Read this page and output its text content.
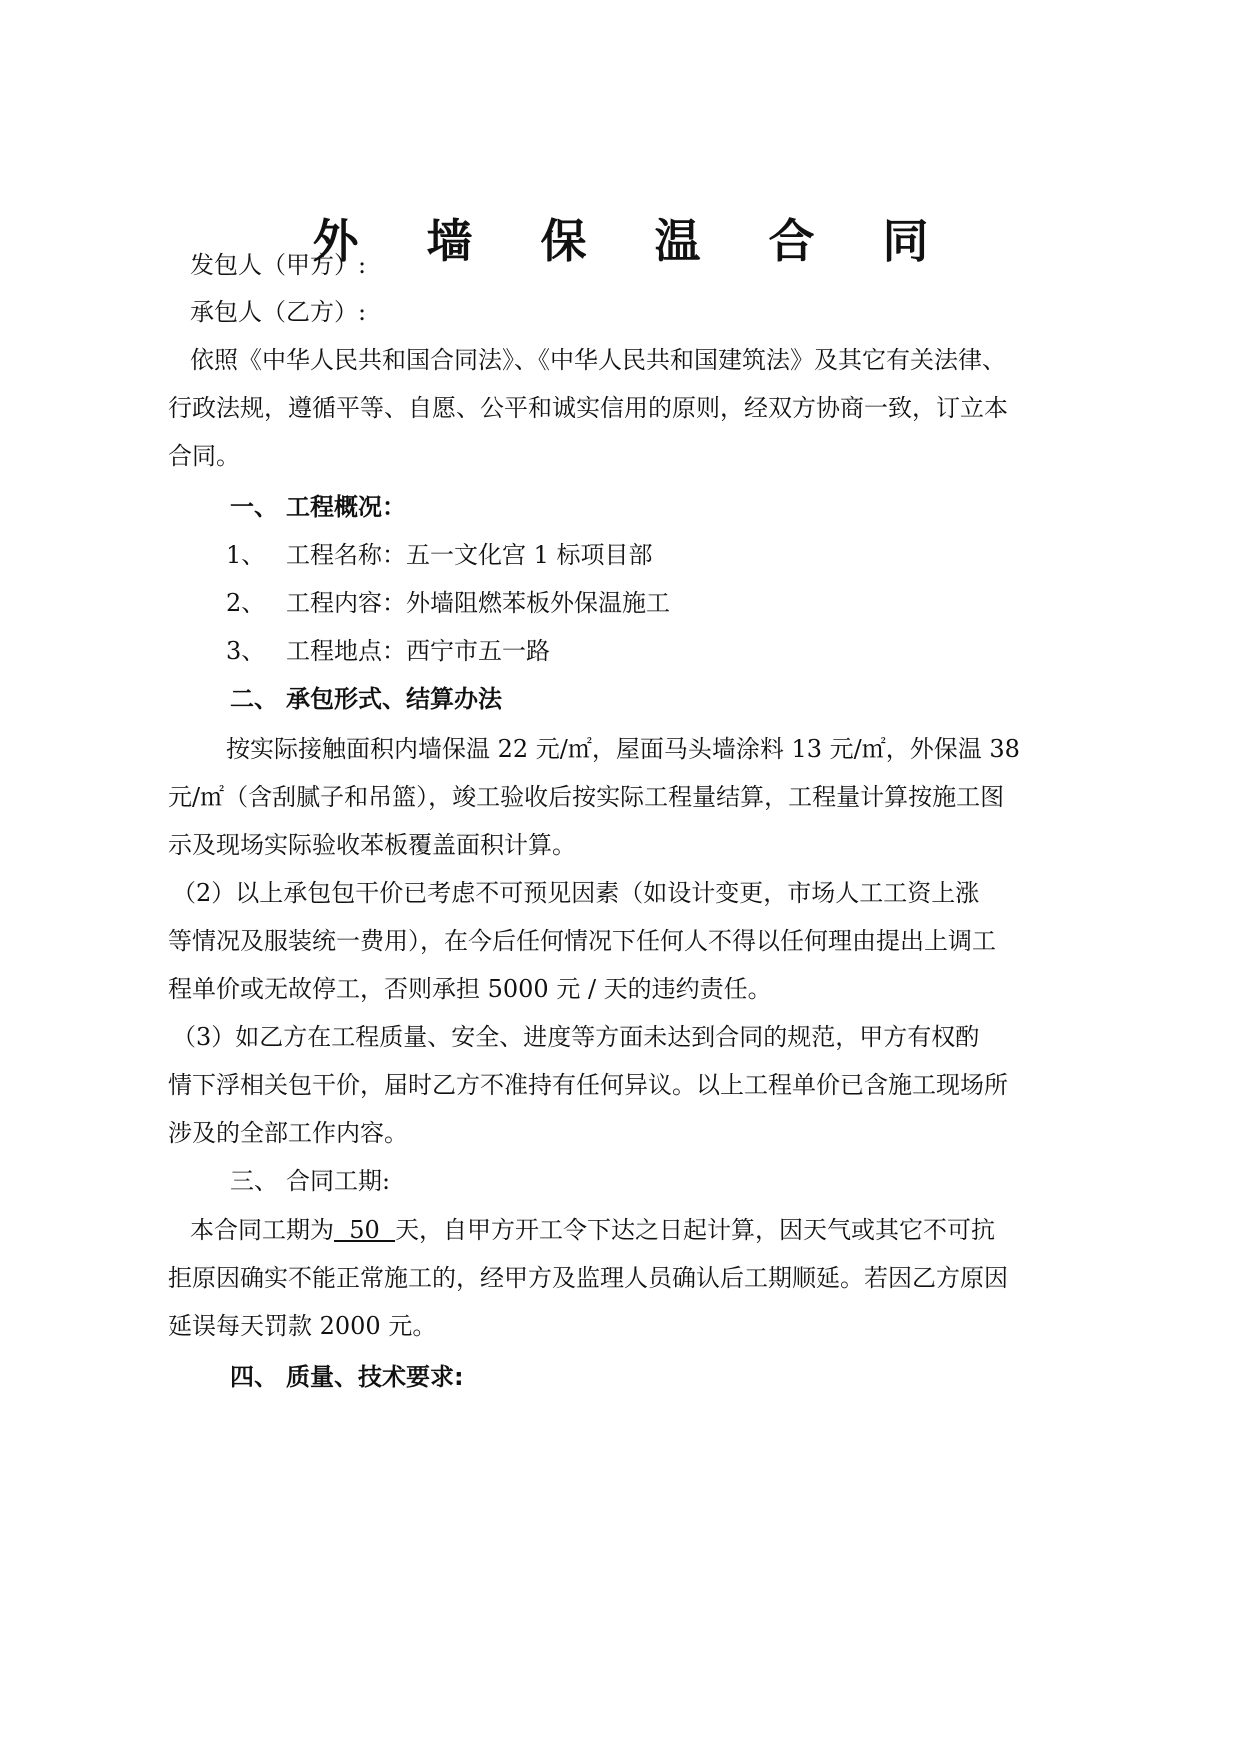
外 墙 保 温 合 同
发包人（甲方）:
承包人（乙方）:
依照《中华人民共和国合同法》、《中华人民共和国建筑法》及其它有关法律、
行政法规，遵循平等、自愿、公平和诚实信用的原则，经双方协商一致，订立本
合同。
一、 工程概况：
1、 工程名称：五一文化宫 1 标项目部
2、 工程内容：外墙阻燃苯板外保温施工
3、 工程地点：西宁市五一路
二、 承包形式、结算办法
按实际接触面积内墙保温 22 元/㎡，屋面马头墙涂料 13 元/㎡，外保温 38
元/㎡（含刮腻子和吊篮），竣工验收后按实际工程量结算，工程量计算按施工图
示及现场实际验收苯板覆盖面积计算。
（2）以上承包包干价已考虑不可预见因素（如设计变更，市场人工工资上涨
等情况及服装统一费用），在今后任何情况下任何人不得以任何理由提出上调工
程单价或无故停工，否则承担 5000 元 / 天的违约责任。
（3）如乙方在工程质量、安全、进度等方面未达到合同的规范，甲方有权酌
情下浮相关包干价，届时乙方不准持有任何异议。以上工程单价已含施工现场所
涉及的全部工作内容。
三、 合同工期:
本合同工期为  50 天，自甲方开工令下达之日起计算，因天气或其它不可抗
拒原因确实不能正常施工的，经甲方及监理人员确认后工期顺延。若因乙方原因
延误每天罚款 2000 元。
四、 质量、技术要求:
